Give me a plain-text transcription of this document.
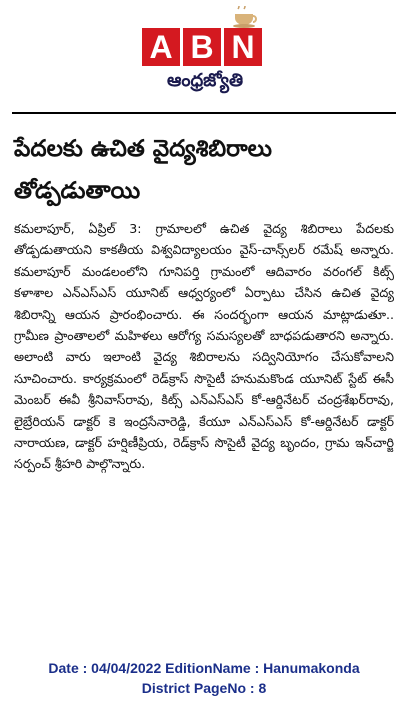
A B N
ఆంధ్రజ్యోతి
పేదలకు ఉచిత వైద్యశిబిరాలు తోడ్పడుతాయి
కమలాపూర్‌, ఏప్రిల్‌ 3: గ్రామాలలో ఉచిత వైద్య శిబిరాలు పేదలకు తోడ్పడుతాయని కాకతీయ విశ్వవిద్యాలయం వైస్‌-చాన్స్‌లర్‌ రమేష్‌ అన్నారు. కమలాపూర్‌ మండలంలోని గూనిపర్తి గ్రామంలో ఆదివారం వరంగల్‌ కిట్స్‌ కళాశాల ఎన్‌ఎస్‌ఎస్‌ యూనిట్‌ ఆధ్వర్యంలో ఏర్పాటు చేసిన ఉచిత వైద్య శిబిరాన్ని ఆయన ప్రారంభించారు. ఈ సందర్భంగా ఆయన మాట్లాడుతూ.. గ్రామీణ ప్రాంతాలలో మహిళలు ఆరోగ్య సమస్యలతో బాధపడుతారని అన్నారు. అలాంటి వారు ఇలాంటి వైద్య శిబిరాలను సద్వినియోగం చేసుకోవాలని సూచించారు. కార్యక్రమంలో రెడ్‌క్రాస్‌ సొసైటీ హనుమకొండ యూనిట్‌ స్టేట్‌ ఈసీ మెంబర్‌ ఈవీ శ్రీనివాస్‌రావు, కిట్స్‌ ఎన్‌ఎస్‌ఎస్‌ కో-ఆర్డినేటర్‌ చంద్రశేఖర్‌రావు, లైబ్రేరియన్‌ డాక్టర్‌ కె ఇంద్రసేనారెడ్డి, కేయూ ఎన్‌ఎస్‌ఎస్‌ కో-ఆర్డినేటర్‌ డాక్టర్‌ నారాయణ, డాక్టర్‌ హర్షిణీప్రియ, రెడ్‌క్రాస్‌ సొసైటీ వైద్య బృందం, గ్రామ ఇన్‌చార్జి సర్పంచ్‌ శ్రీహరి పాల్గొన్నారు.
Date : 04/04/2022 EditionName : Hanumakonda
District PageNo : 8
